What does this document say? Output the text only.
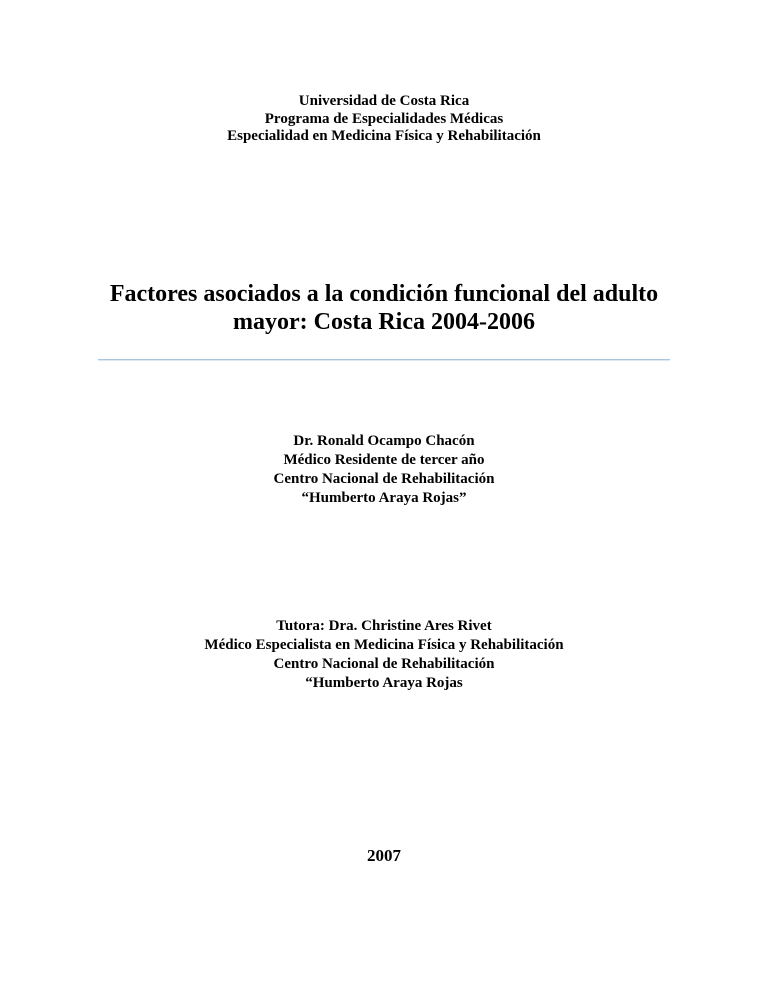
Universidad de Costa Rica
Programa de Especialidades Médicas
Especialidad en Medicina Física y Rehabilitación
Factores asociados a la condición funcional del adulto
mayor: Costa Rica 2004-2006
Dr. Ronald Ocampo Chacón
Médico Residente de tercer año
Centro Nacional de Rehabilitación
“Humberto Araya Rojas”
Tutora: Dra. Christine Ares Rivet
Médico Especialista en Medicina Física y Rehabilitación
Centro Nacional de Rehabilitación
“Humberto Araya Rojas
2007
